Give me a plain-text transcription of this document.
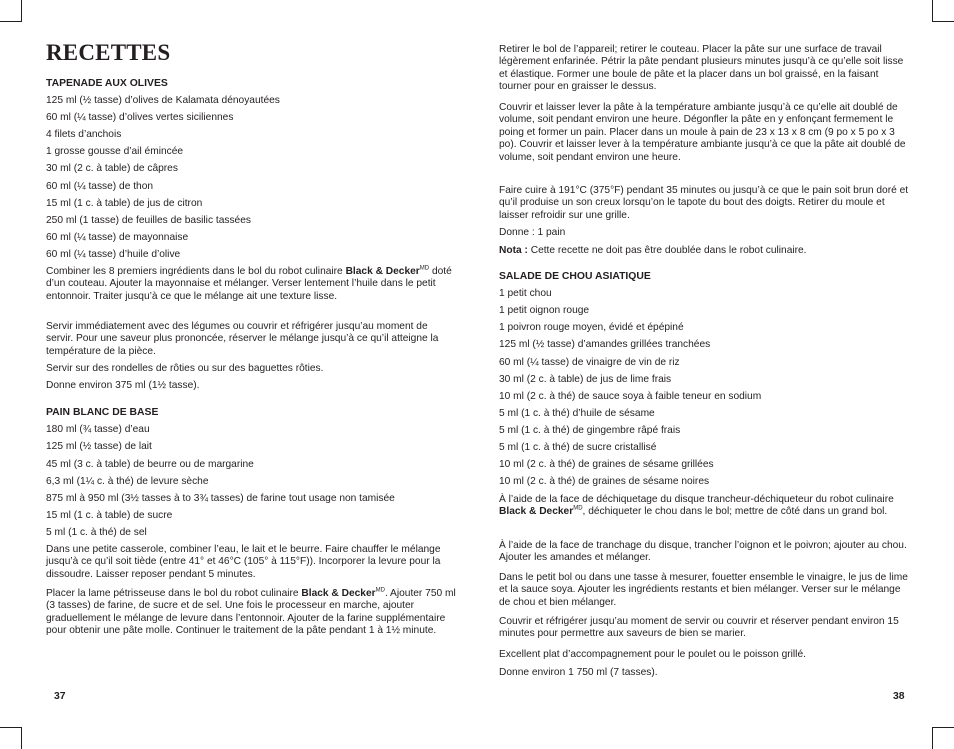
RECETTES
TAPENADE AUX OLIVES
125 ml (½ tasse) d’olives de Kalamata dénoyautées
60 ml (¼ tasse) d’olives vertes siciliennes
4 filets d’anchois
1 grosse gousse d’ail émincée
30 ml (2 c. à table) de câpres
60 ml (¼ tasse) de thon
15 ml (1 c. à table) de jus de citron
250 ml (1 tasse) de feuilles de basilic tassées
60 ml (¼ tasse) de mayonnaise
60 ml (¼ tasse) d’huile d’olive

Combiner les 8 premiers ingrédients dans le bol du robot culinaire Black & Decker$^{MD}$ doté d’un couteau. Ajouter la mayonnaise et mélanger. Verser lentement l’huile dans le petit entonnoir. Traiter jusqu’à ce que le mélange ait une texture lisse.

Servir immédiatement avec des légumes ou couvrir et réfrigérer jusqu’au moment de servir. Pour une saveur plus prononcée, réserver le mélange jusqu’à ce qu’il atteigne la température de la pièce.

Servir sur des rondelles de rôties ou sur des baguettes rôties.

Donne environ 375 ml (1½ tasse).

PAIN BLANC DE BASE
180 ml (¾ tasse) d’eau
125 ml (½ tasse) de lait
45 ml (3 c. à table) de beurre ou de margarine
6,3 ml (1¼ c. à thé) de levure sèche
875 ml à 950 ml (3½ tasses à to 3¾ tasses) de farine tout usage non tamisée
15 ml (1 c. à table) de sucre
5 ml (1 c. à thé) de sel

Dans une petite casserole, combiner l’eau, le lait et le beurre. Faire chauffer le mélange jusqu’à ce qu’il soit tiède (entre 41° et 46°C (105° à 115°F)). Incorporer la levure pour la dissoudre. Laisser reposer pendant 5 minutes.

Placer la lame pétrisseuse dans le bol du robot culinaire Black & Decker$^{MD}$. Ajouter 750 ml (3 tasses) de farine, de sucre et de sel. Une fois le processeur en marche, ajouter graduellement le mélange de levure dans l’entonnoir. Ajouter de la farine supplémentaire pour obtenir une pâte molle. Continuer le traitement de la pâte pendant 1 à 1½ minute.

Retirer le bol de l’appareil; retirer le couteau. Placer la pâte sur une surface de travail légèrement enfarinée. Pétrir la pâte pendant plusieurs minutes jusqu’à ce qu’elle soit lisse et élastique. Former une boule de pâte et la placer dans un bol graissé, en la faisant tourner pour en graisser le dessus.

Couvrir et laisser lever la pâte à la température ambiante jusqu’à ce qu’elle ait doublé de volume, soit pendant environ une heure. Dégonfler la pâte en y enfonçant fermement le poing et former un pain. Placer dans un moule à pain de 23 x 13 x 8 cm (9 po x 5 po x 3 po). Couvrir et laisser lever à la température ambiante jusqu’à ce que la pâte ait doublé de volume, soit pendant environ une heure.

Faire cuire à 191°C (375°F) pendant 35 minutes ou jusqu’à ce que le pain soit brun doré et qu’il produise un son creux lorsqu’on le tapote du bout des doigts. Retirer du moule et laisser refroidir sur une grille.

Donne : 1 pain

Nota : Cette recette ne doit pas être doublée dans le robot culinaire.

SALADE DE CHOU ASIATIQUE
1 petit chou
1 petit oignon rouge
1 poivron rouge moyen, évidé et épépiné
125 ml (½ tasse) d’amandes grillées tranchées
60 ml (¼ tasse) de vinaigre de vin de riz
30 ml (2 c. à table) de jus de lime frais
10 ml (2 c. à thé) de sauce soya à faible teneur en sodium
5 ml (1 c. à thé) d’huile de sésame
5 ml (1 c. à thé) de gingembre râpé frais
5 ml (1 c. à thé) de sucre cristallisé
10 ml (2 c. à thé) de graines de sésame grillées
10 ml (2 c. à thé) de graines de sésame noires

À l’aide de la face de déchiquetage du disque trancheur-déchiqueteur du robot culinaire Black & Decker$^{MD}$, déchiqueter le chou dans le bol; mettre de côté dans un grand bol.

À l’aide de la face de tranchage du disque, trancher l’oignon et le poivron; ajouter au chou. Ajouter les amandes et mélanger.

Dans le petit bol ou dans une tasse à mesurer, fouetter ensemble le vinaigre, le jus de lime et la sauce soya. Ajouter les ingrédients restants et bien mélanger. Verser sur le mélange de chou et bien mélanger.

Couvrir et réfrigérer jusqu’au moment de servir ou couvrir et réserver pendant environ 15 minutes pour permettre aux saveurs de bien se marier.

Excellent plat d’accompagnement pour le poulet ou le poisson grillé.

Donne environ 1 750 ml (7 tasses).

37	38
